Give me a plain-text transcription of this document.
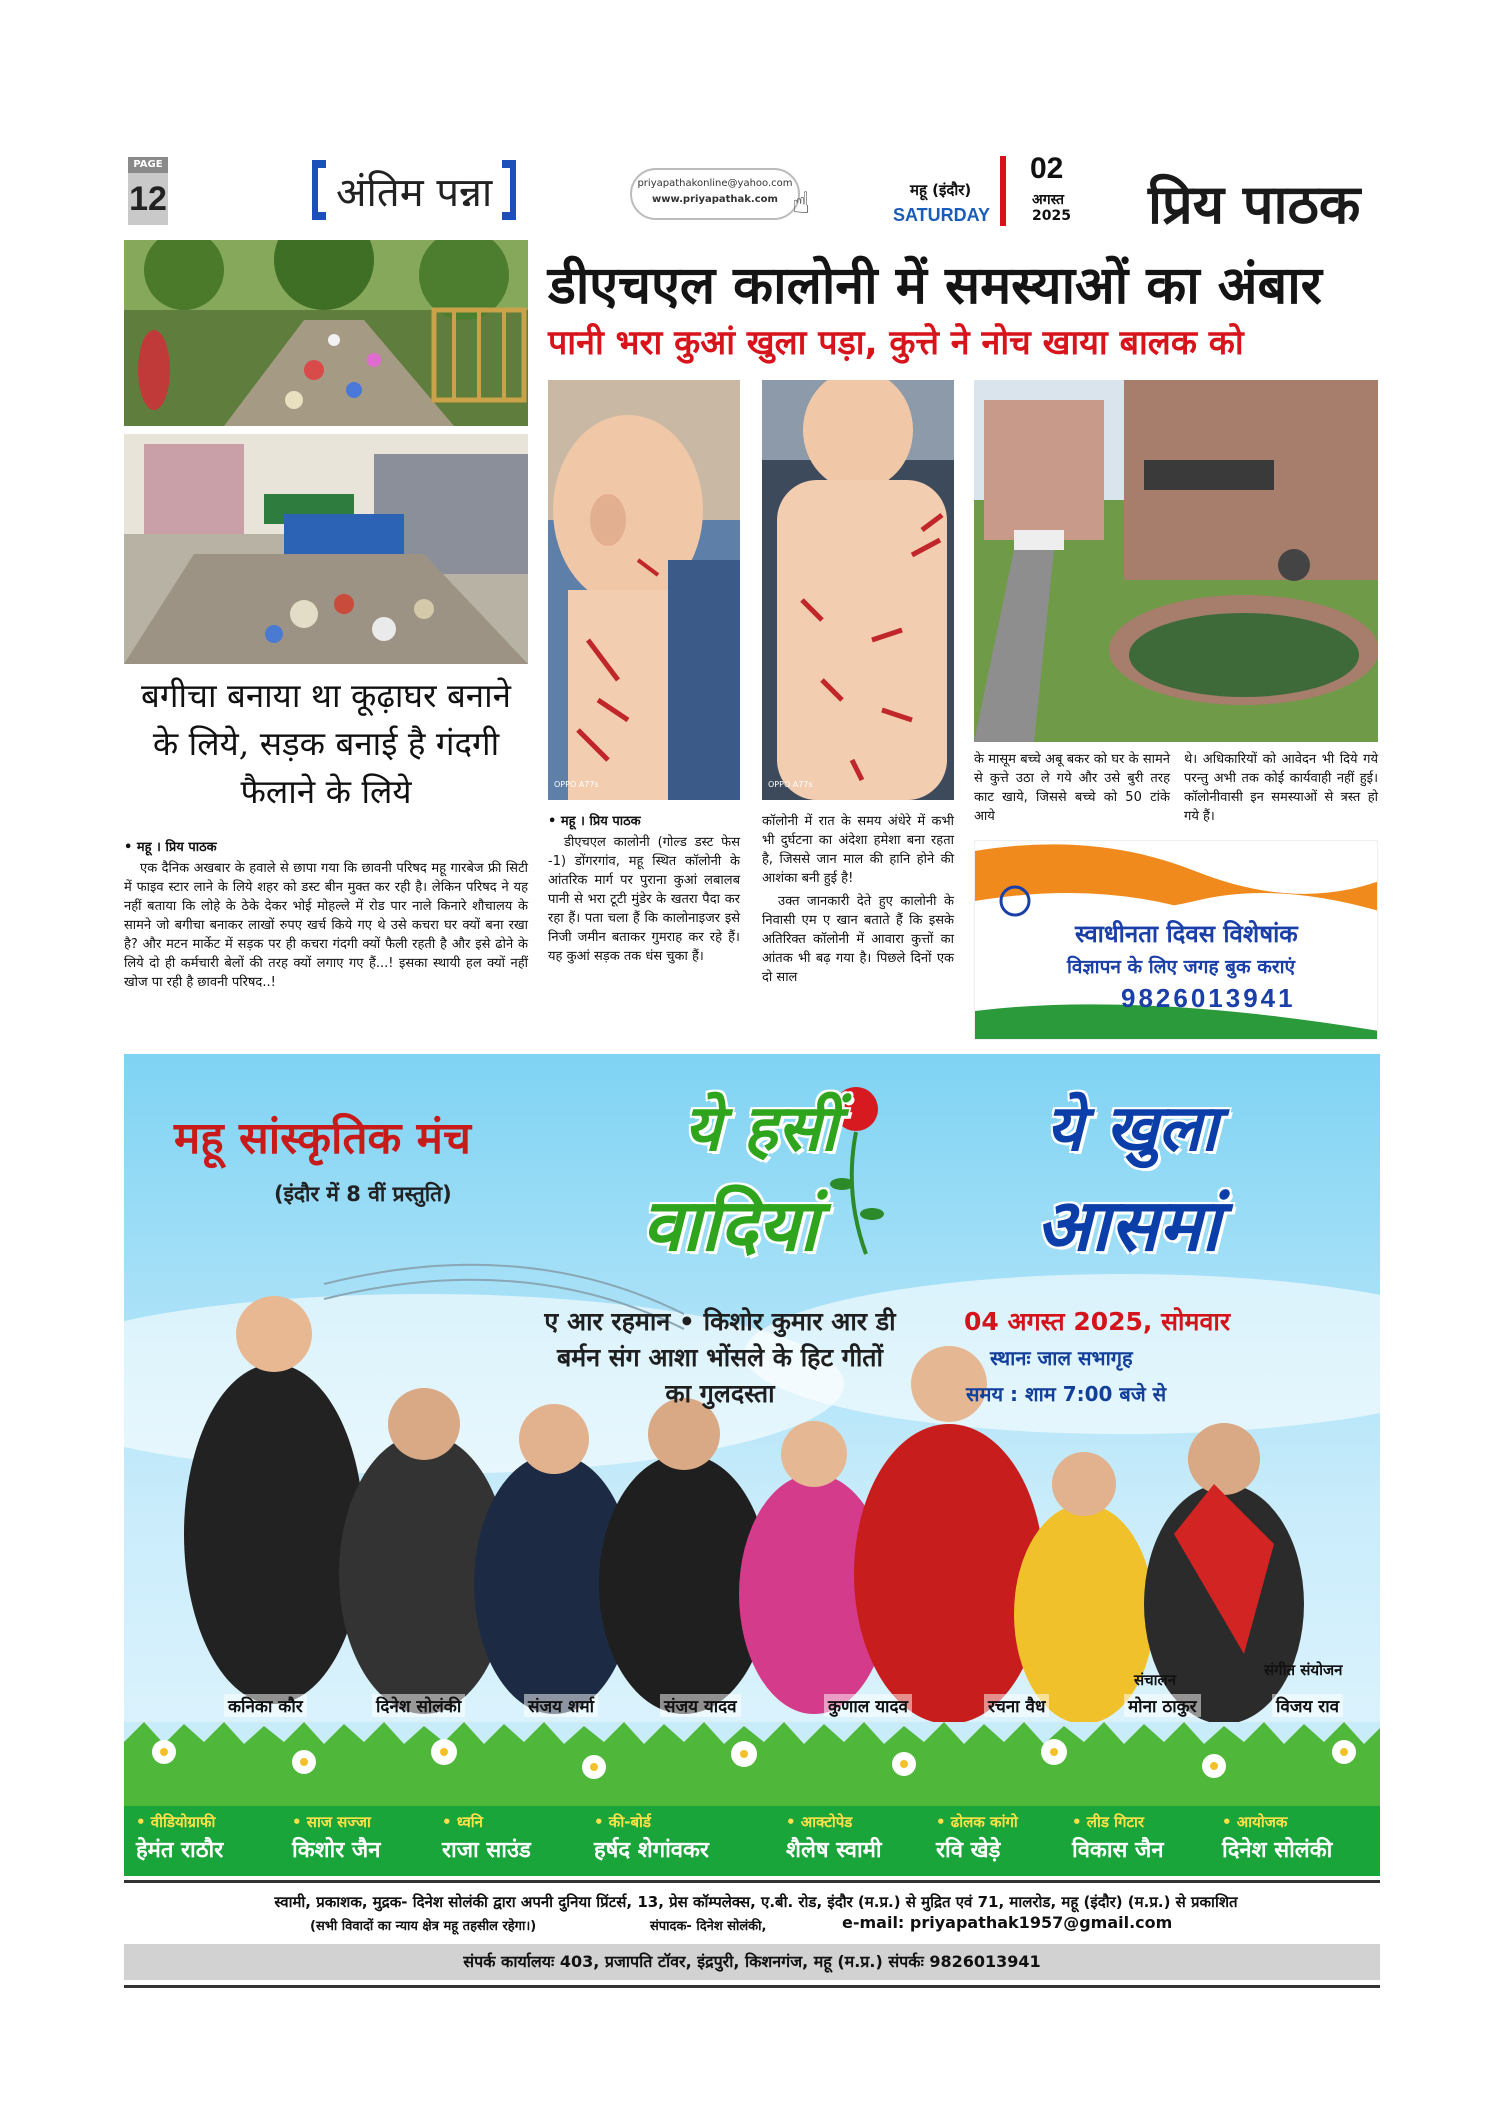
PAGE
12	अंतिम पन्ना	priyapathakonline@yahoo.com
www.priyapathak.com ☝	महू (इंदौर)
SATURDAY
02
अगस्त
2025 प्रिय पाठक
डीएचएल कालोनी में समस्याओं का अंबार
पानी भरा कुआं खुला पड़ा, कुत्ते ने नोच खाया बालक को
OPPO A77s	OPPO A77s
बगीचा बनाया था कूढ़ाघर बनाने के लिये, सड़क बनाई है गंदगी फैलाने के लिये
• महू । प्रिय पाठक

एक दैनिक अखबार के हवाले से छापा गया कि छावनी परिषद महू गारबेज फ्री सिटी में फाइव स्टार लाने के लिये शहर को डस्ट बीन मुक्त कर रही है। लेकिन परिषद ने यह नहीं बताया कि लोहे के ठेके देकर भोई मोहल्ले में रोड पार नाले किनारे शौचालय के सामने जो बगीचा बनाकर लाखों रुपए खर्च किये गए थे उसे कचरा घर क्यों बना रखा है? और मटन मार्केट में सड़क पर ही कचरा गंदगी क्यों फैली रहती है और इसे ढोने के लिये दो ही कर्मचारी बेलों की तरह क्यों लगाए गए हैं...! इसका स्थायी हल क्यों नहीं खोज पा रही है छावनी परिषद..!

• महू । प्रिय पाठक

डीएचएल कालोनी (गोल्ड डस्ट फेस -1) डोंगरगांव, महू स्थित कॉलोनी के आंतरिक मार्ग पर पुराना कुआं लबालब पानी से भरा टूटी मुंडेर के खतरा पैदा कर रहा हैं। पता चला हैं कि कालोनाइजर इसे निजी जमीन बताकर गुमराह कर रहे हैं। यह कुआं सड़क तक धंस चुका हैं।

कॉलोनी में रात के समय अंधेरे में कभी भी दुर्घटना का अंदेशा हमेशा बना रहता है, जिससे जान माल की हानि होने की आशंका बनी हुई है!

उक्त जानकारी देते हुए कालोनी के निवासी एम ए खान बताते हैं कि इसके अतिरिक्त कॉलोनी में आवारा कुत्तों का आंतक भी बढ़ गया है। पिछले दिनों एक दो साल

के मासूम बच्चे अबू बकर को घर के सामने से कुत्ते उठा ले गये और उसे बुरी तरह काट खाये, जिससे बच्चे को 50 टांके आये

थे। अधिकारियों को आवेदन भी दिये गये परन्तु अभी तक कोई कार्यवाही नहीं हुई। कॉलोनीवासी इन समस्याओं से त्रस्त हो गये हैं।

स्वाधीनता दिवस विशेषांक
विज्ञापन के लिए जगह बुक कराएं
9826013941
महू सांस्कृतिक मंच
(इंदौर में 8 वीं प्रस्तुति)
ये हसीं
वादियां
ये खुला
आसमां
ए आर रहमान • किशोर कुमार आर डी बर्मन संग आशा भोंसले के हिट गीतों का गुलदस्ता
04 अगस्त 2025, सोमवार
स्थानः जाल सभागृह
समय : शाम 7:00 बजे से
संचालन
संगीत संयोजन
कनिका कौर	दिनेश सोलंकी	संजय शर्मा	संजय यादव	कुणाल यादव	रचना वैध	मोना ठाकुर	विजय राव
• वीडियोग्राफी
हेमंत राठौर
• साज सज्जा
किशोर जैन
• ध्वनि
राजा साउंड
• की-बोर्ड
हर्षद शेगांवकर
• आक्टोपेड
शैलेष स्वामी
• ढोलक कांगो
रवि खेड़े
• लीड गिटार
विकास जैन
• आयोजक
दिनेश सोलंकी
स्वामी, प्रकाशक, मुद्रक- दिनेश सोलंकी द्वारा अपनी दुनिया प्रिंटर्स, 13, प्रेस कॉम्पलेक्स, ए.बी. रोड, इंदौर (म.प्र.) से मुद्रित एवं 71, मालरोड, महू (इंदौर) (म.प्र.) से प्रकाशित
(सभी विवादों का न्याय क्षेत्र महू तहसील रहेगा।)	संपादक- दिनेश सोलंकी,	e-mail: priyapathak1957@gmail.com
संपर्क कार्यालयः 403, प्रजापति टॉवर, इंद्रपुरी, किशनगंज, महू (म.प्र.) संपर्कः 9826013941
